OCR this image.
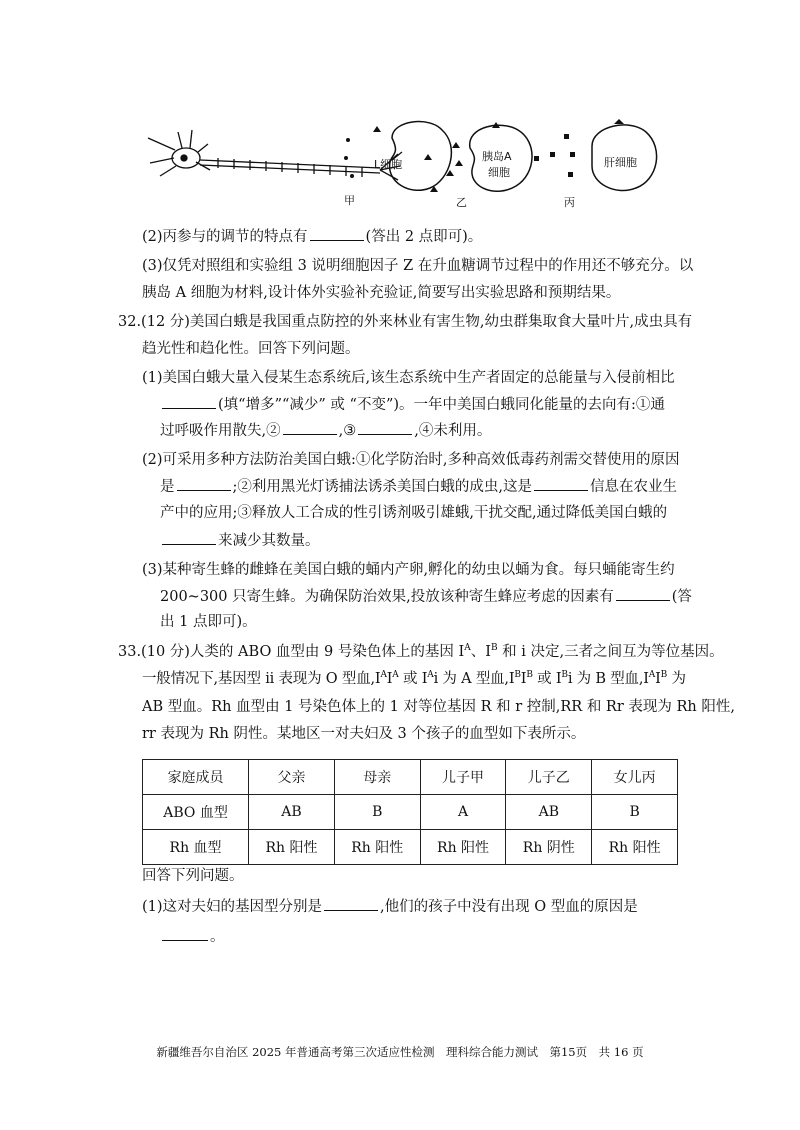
L细胞
胰岛A
细胞
肝细胞
甲	乙	丙
(2)丙参与的调节的特点有	(答出 2 点即可)。
(3)仅凭对照组和实验组 3 说明细胞因子 Z 在升血糖调节过程中的作用还不够充分。以
胰岛 A 细胞为材料,设计体外实验补充验证,简要写出实验思路和预期结果。
32.(12 分)美国白蛾是我国重点防控的外来林业有害生物,幼虫群集取食大量叶片,成虫具有
趋光性和趋化性。回答下列问题。
(1)美国白蛾大量入侵某生态系统后,该生态系统中生产者固定的总能量与入侵前相比
(填“增多”“减少” 或 “不变”)。一年中美国白蛾同化能量的去向有:①通
过呼吸作用散失,②	,③	,④未利用。
(2)可采用多种方法防治美国白蛾:①化学防治时,多种高效低毒药剂需交替使用的原因
是	;②利用黑光灯诱捕法诱杀美国白蛾的成虫,这是	信息在农业生
产中的应用;③释放人工合成的性引诱剂吸引雄蛾,干扰交配,通过降低美国白蛾的
来减少其数量。
(3)某种寄生蜂的雌蜂在美国白蛾的蛹内产卵,孵化的幼虫以蛹为食。每只蛹能寄生约
200~300 只寄生蜂。为确保防治效果,投放该种寄生蜂应考虑的因素有	(答
出 1 点即可)。
33.(10 分)人类的 ABO 血型由 9 号染色体上的基因 $I^A$、$I^B$ 和 i 决定,三者之间互为等位基因。
一般情况下,基因型 ii 表现为 O 型血$,I^AI^A$ 或 $I^Ai$ 为 A 型血$,I^BI^B$ 或 $I^Bi$ 为 B 型血$,I^AI^B$ 为
AB 型血。Rh 血型由 1 号染色体上的 1 对等位基因 R 和 r 控制,RR 和 Rr 表现为 Rh 阳性,
rr 表现为 Rh 阴性。某地区一对夫妇及 3 个孩子的血型如下表所示。
家庭成员	父亲	母亲	儿子甲	儿子乙	女儿丙
ABO 血型	AB	B	A	AB	B
Rh 血型	Rh 阳性	Rh 阳性	Rh 阳性	Rh 阴性	Rh 阳性
回答下列问题。
(1)这对夫妇的基因型分别是	,他们的孩子中没有出现 O 型血的原因是
。
新疆维吾尔自治区 2025 年普通高考第三次适应性检测　理科综合能力测试　第15页　共 16 页
